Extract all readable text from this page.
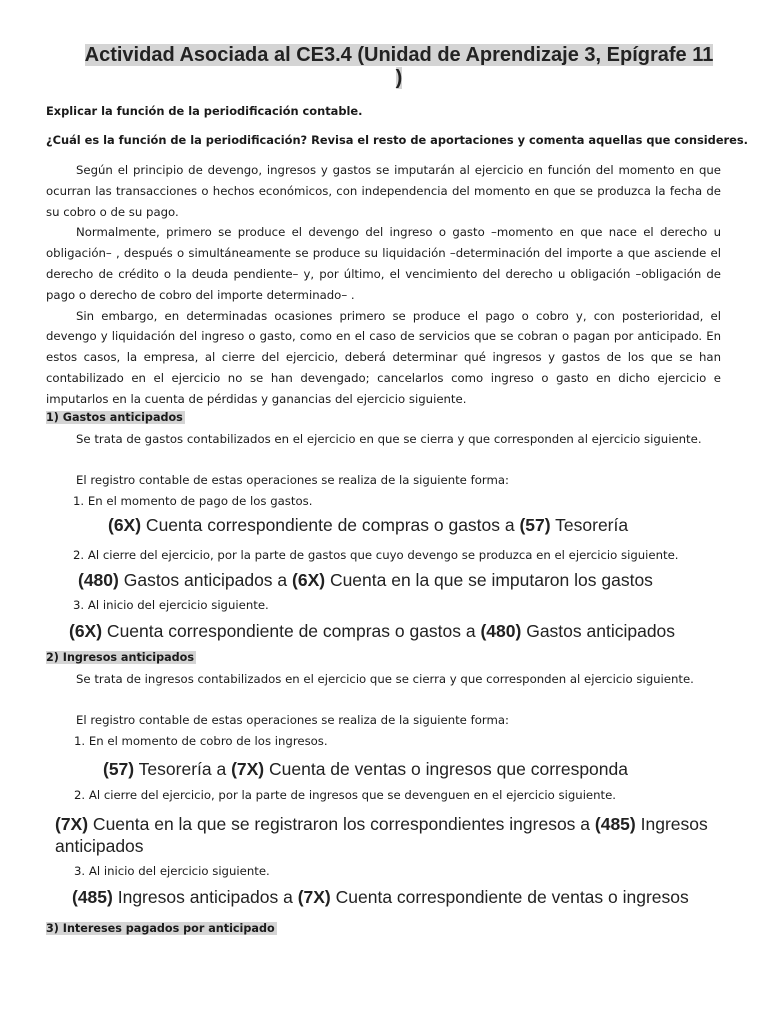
Actividad Asociada al CE3.4 (Unidad de Aprendizaje 3, Epígrafe 11 )
Explicar la función de la periodificación contable.
¿Cuál es la función de la periodificación? Revisa el resto de aportaciones y comenta aquellas que consideres.

Según el principio de devengo, ingresos y gastos se imputarán al ejercicio en función del momento en que ocurran las transacciones o hechos económicos, con independencia del momento en que se produzca la fecha de su cobro o de su pago.

Normalmente, primero se produce el devengo del ingreso o gasto –momento en que nace el derecho u obligación– , después o simultáneamente se produce su liquidación –determinación del importe a que asciende el derecho de crédito o la deuda pendiente– y, por último, el vencimiento del derecho u obligación –obligación de pago o derecho de cobro del importe determinado– .

Sin embargo, en determinadas ocasiones primero se produce el pago o cobro y, con posterioridad, el devengo y liquidación del ingreso o gasto, como en el caso de servicios que se cobran o pagan por anticipado. En estos casos, la empresa, al cierre del ejercicio, deberá determinar qué ingresos y gastos de los que se han contabilizado en el ejercicio no se han devengado; cancelarlos como ingreso o gasto en dicho ejercicio e imputarlos en la cuenta de pérdidas y ganancias del ejercicio siguiente.

1) Gastos anticipados

Se trata de gastos contabilizados en el ejercicio en que se cierra y que corresponden al ejercicio siguiente.

El registro contable de estas operaciones se realiza de la siguiente forma:
1. En el momento de pago de los gastos.
(6X) Cuenta correspondiente de compras o gastos a (57) Tesorería
2. Al cierre del ejercicio, por la parte de gastos que cuyo devengo se produzca en el ejercicio siguiente.
(480) Gastos anticipados a (6X) Cuenta en la que se imputaron los gastos
3. Al inicio del ejercicio siguiente.
(6X) Cuenta correspondiente de compras o gastos a (480) Gastos anticipados
2) Ingresos anticipados

Se trata de ingresos contabilizados en el ejercicio que se cierra y que corresponden al ejercicio siguiente.

El registro contable de estas operaciones se realiza de la siguiente forma:
1. En el momento de cobro de los ingresos.
(57) Tesorería a (7X) Cuenta de ventas o ingresos que corresponda
2. Al cierre del ejercicio, por la parte de ingresos que se devenguen en el ejercicio siguiente.
(7X) Cuenta en la que se registraron los correspondientes ingresos a (485) Ingresos anticipados
3. Al inicio del ejercicio siguiente.
(485) Ingresos anticipados a (7X) Cuenta correspondiente de ventas o ingresos
3) Intereses pagados por anticipado
